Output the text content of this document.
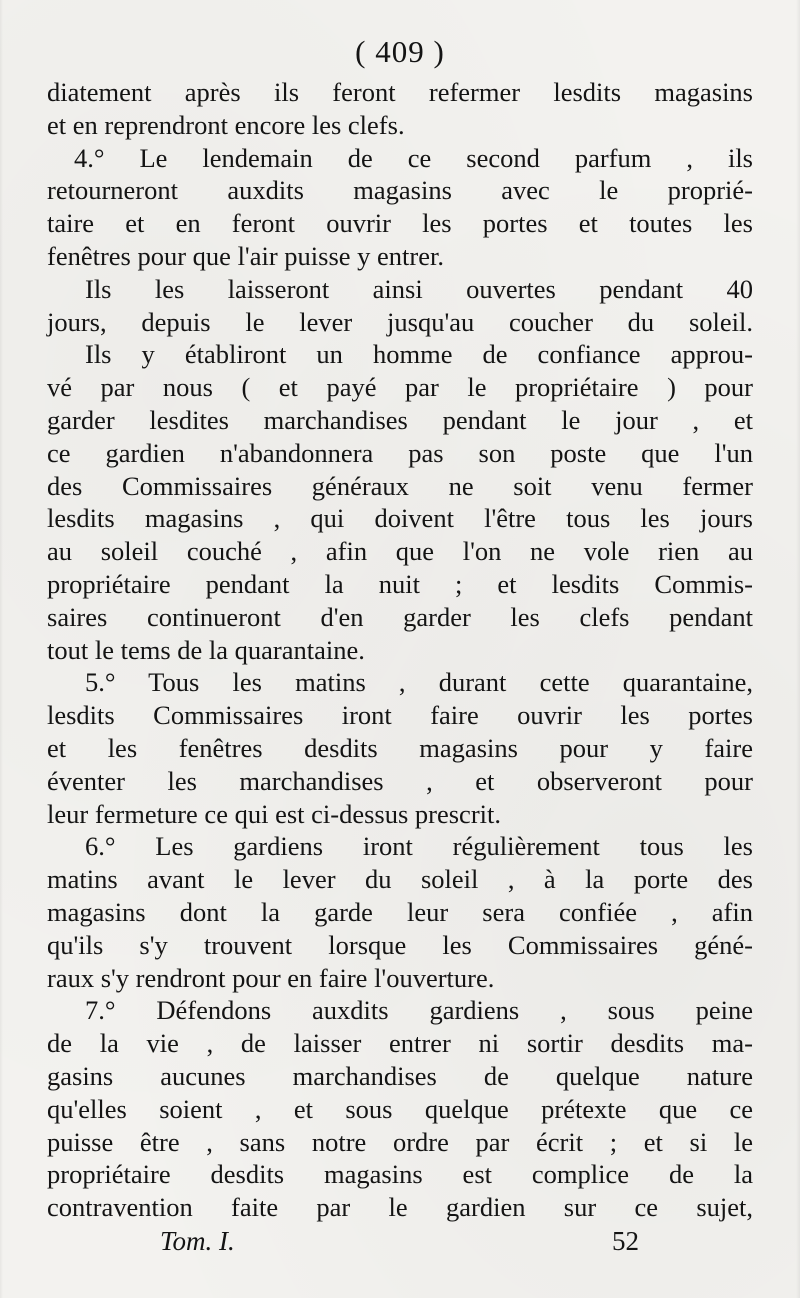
( 409 )
diatement après ils feront refermer lesdits magasins
et en reprendront encore les clefs.
4.° Le lendemain de ce second parfum , ils
retourneront auxdits magasins avec le proprié-
taire et en feront ouvrir les portes et toutes les
fenêtres pour que l'air puisse y entrer.
Ils les laisseront ainsi ouvertes pendant 40
jours, depuis le lever jusqu'au coucher du soleil.
Ils y établiront un homme de confiance approu-
vé par nous ( et payé par le propriétaire ) pour
garder lesdites marchandises pendant le jour , et
ce gardien n'abandonnera pas son poste que l'un
des Commissaires généraux ne soit venu fermer
lesdits magasins , qui doivent l'être tous les jours
au soleil couché , afin que l'on ne vole rien au
propriétaire pendant la nuit ; et lesdits Commis-
saires continueront d'en garder les clefs pendant
tout le tems de la quarantaine.
5.° Tous les matins , durant cette quarantaine,
lesdits Commissaires iront faire ouvrir les portes
et les fenêtres desdits magasins pour y faire
éventer les marchandises , et observeront pour
leur fermeture ce qui est ci-dessus prescrit.
6.° Les gardiens iront régulièrement tous les
matins avant le lever du soleil , à la porte des
magasins dont la garde leur sera confiée , afin
qu'ils s'y trouvent lorsque les Commissaires géné-
raux s'y rendront pour en faire l'ouverture.
7.° Défendons auxdits gardiens , sous peine
de la vie , de laisser entrer ni sortir desdits ma-
gasins aucunes marchandises de quelque nature
qu'elles soient , et sous quelque prétexte que ce
puisse être , sans notre ordre par écrit ; et si le
propriétaire desdits magasins est complice de la
contravention faite par le gardien sur ce sujet,
Tom. I.	52
